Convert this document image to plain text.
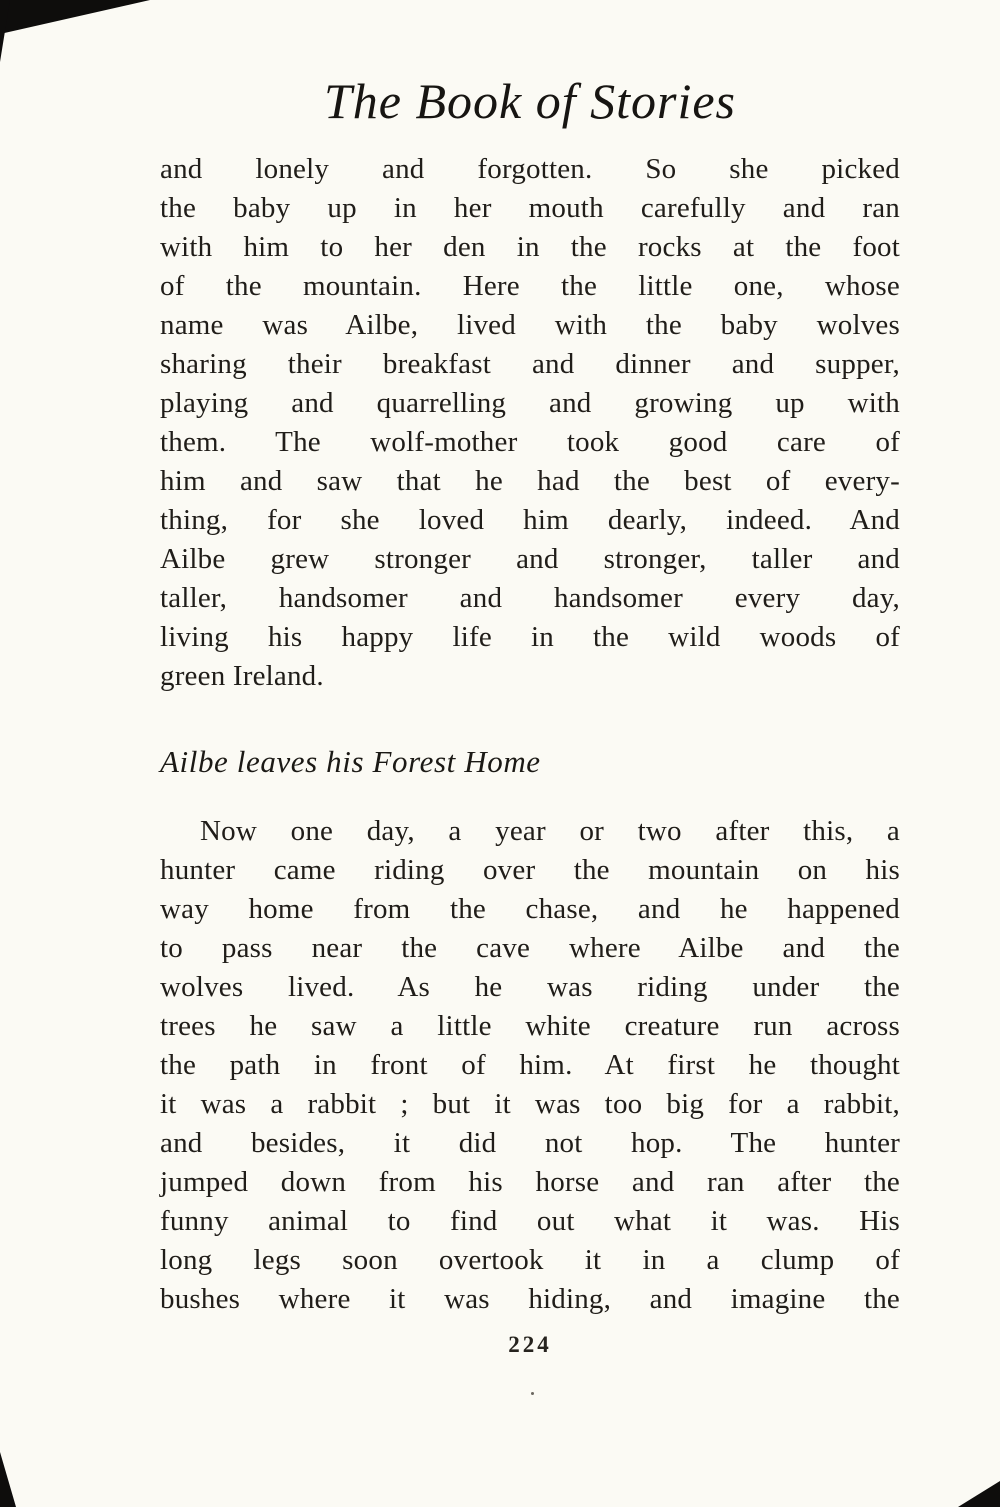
The Book of Stories
and lonely and forgotten. So she picked
the baby up in her mouth carefully and ran
with him to her den in the rocks at the foot
of the mountain. Here the little one, whose
name was Ailbe, lived with the baby wolves
sharing their breakfast and dinner and supper,
playing and quarrelling and growing up with
them. The wolf-mother took good care of
him and saw that he had the best of every-
thing, for she loved him dearly, indeed. And
Ailbe grew stronger and stronger, taller and
taller, handsomer and handsomer every day,
living his happy life in the wild woods of
green Ireland.
Ailbe leaves his Forest Home
Now one day, a year or two after this, a
hunter came riding over the mountain on his
way home from the chase, and he happened
to pass near the cave where Ailbe and the
wolves lived. As he was riding under the
trees he saw a little white creature run across
the path in front of him. At first he thought
it was a rabbit ; but it was too big for a rabbit,
and besides, it did not hop. The hunter
jumped down from his horse and ran after the
funny animal to find out what it was. His
long legs soon overtook it in a clump of
bushes where it was hiding, and imagine the
224
